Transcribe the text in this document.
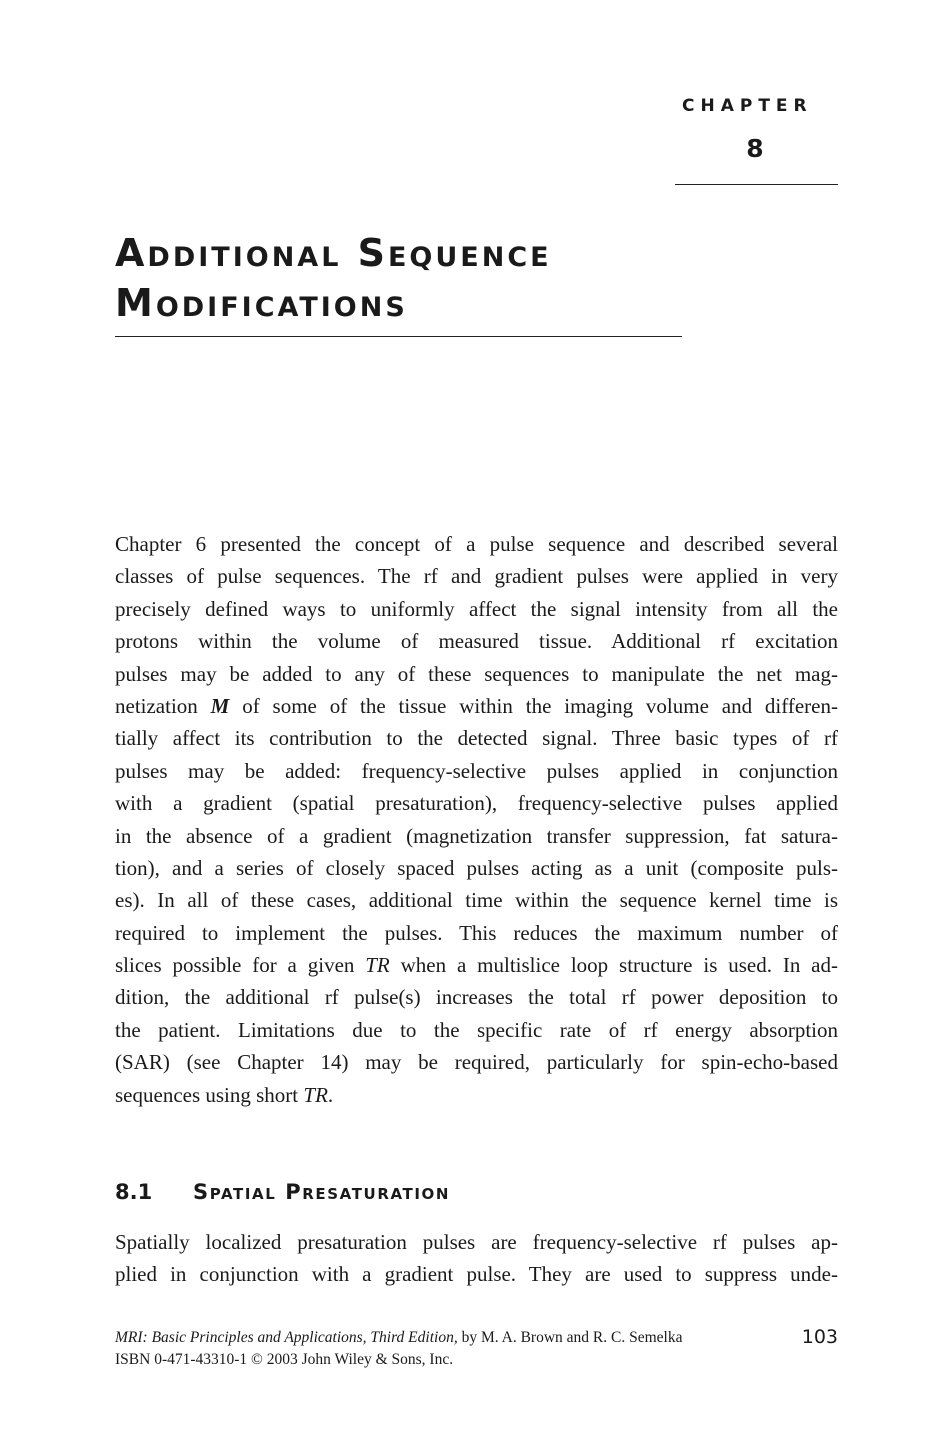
CHAPTER
8
Additional Sequence
Modifications
Chapter 6 presented the concept of a pulse sequence and described several
classes of pulse sequences. The rf and gradient pulses were applied in very
precisely defined ways to uniformly affect the signal intensity from all the
protons within the volume of measured tissue. Additional rf excitation
pulses may be added to any of these sequences to manipulate the net mag-
netization M of some of the tissue within the imaging volume and differen-
tially affect its contribution to the detected signal. Three basic types of rf
pulses may be added: frequency-selective pulses applied in conjunction
with a gradient (spatial presaturation), frequency-selective pulses applied
in the absence of a gradient (magnetization transfer suppression, fat satura-
tion), and a series of closely spaced pulses acting as a unit (composite puls-
es). In all of these cases, additional time within the sequence kernel time is
required to implement the pulses. This reduces the maximum number of
slices possible for a given TR when a multislice loop structure is used. In ad-
dition, the additional rf pulse(s) increases the total rf power deposition to
the patient. Limitations due to the specific rate of rf energy absorption
(SAR) (see Chapter 14) may be required, particularly for spin-echo-based
sequences using short TR.
8.1 Spatial Presaturation
Spatially localized presaturation pulses are frequency-selective rf pulses ap-
plied in conjunction with a gradient pulse. They are used to suppress unde-
MRI: Basic Principles and Applications, Third Edition, by M. A. Brown and R. C. Semelka
ISBN 0-471-43310-1 © 2003 John Wiley & Sons, Inc.
103
